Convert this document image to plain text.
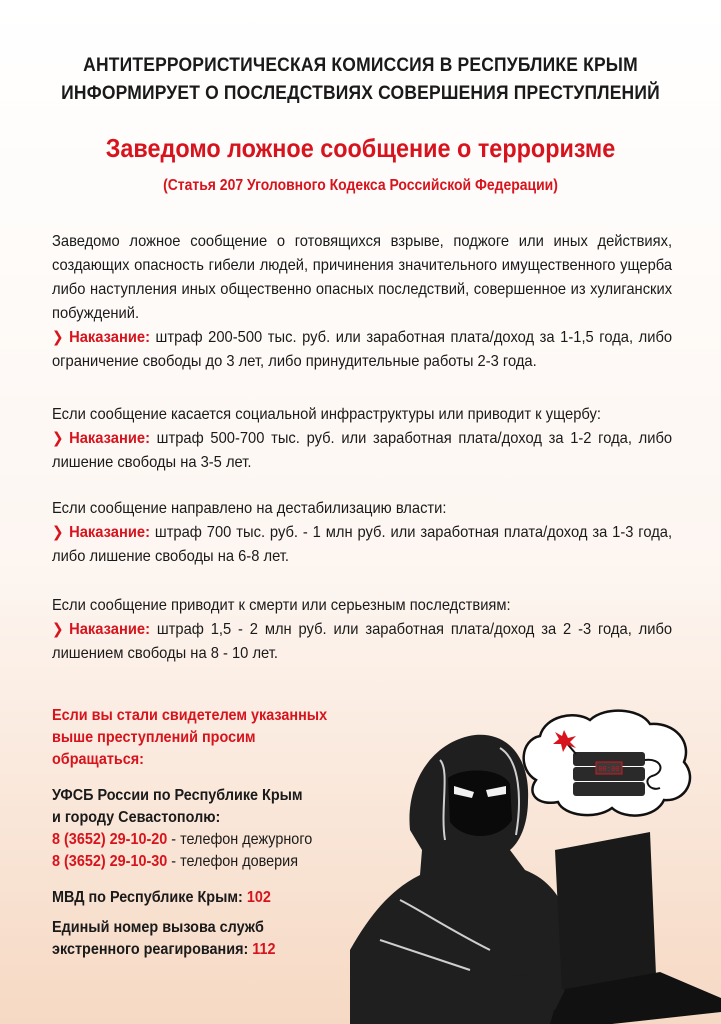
АНТИТЕРРОРИСТИЧЕСКАЯ КОМИССИЯ В РЕСПУБЛИКЕ КРЫМ
ИНФОРМИРУЕТ О ПОСЛЕДСТВИЯХ СОВЕРШЕНИЯ ПРЕСТУПЛЕНИЙ
Заведомо ложное сообщение о терроризме
(Статья 207 Уголовного Кодекса Российской Федерации)
Заведомо ложное сообщение о готовящихся взрыве, поджоге или иных действиях, создающих опасность гибели людей, причинения значительного имущественного ущерба либо наступления иных общественно опасных последствий, совершенное из хулиганских побуждений.
❯ Наказание: штраф 200-500 тыс. руб. или заработная плата/доход за 1-1,5 года, либо ограничение свободы до 3 лет, либо принудительные работы 2-3 года.
Если сообщение касается социальной инфраструктуры или приводит к ущербу:
❯ Наказание: штраф 500-700 тыс. руб. или заработная плата/доход за 1-2 года, либо лишение свободы на 3-5 лет.
Если сообщение направлено на дестабилизацию власти:
❯ Наказание: штраф 700 тыс. руб. - 1 млн руб. или заработная плата/доход за 1-3 года, либо лишение свободы на 6-8 лет.
Если сообщение приводит к смерти или серьезным последствиям:
❯ Наказание: штраф 1,5 - 2 млн руб. или заработная плата/доход за 2 -3 года, либо лишением свободы на 8 - 10 лет.
Если вы стали свидетелем указанных выше преступлений просим обращаться:
УФСБ России по Республике Крым
и городу Севастополю:
8 (3652) 29-10-20 - телефон дежурного
8 (3652) 29-10-30 - телефон доверия
МВД по Республике Крым: 102
Единый номер вызова служб
экстренного реагирования: 112
00:00
